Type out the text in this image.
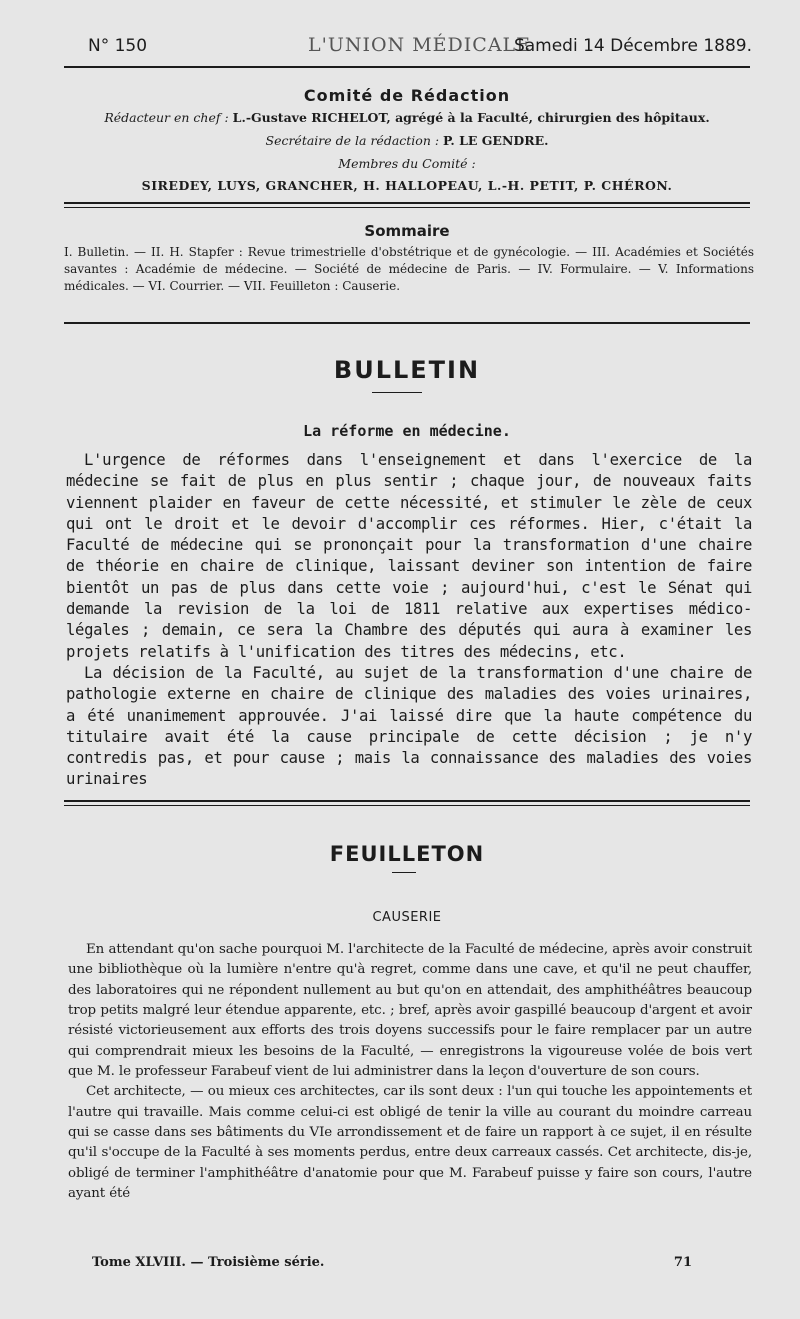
N° 150	L'UNION MÉDICALE
Samedi 14 Décembre 1889.
Comité de Rédaction
Rédacteur en chef : L.-Gustave RICHELOT, agrégé à la Faculté, chirurgien des hôpitaux.
Secrétaire de la rédaction : P. LE GENDRE.
Membres du Comité :
SIREDEY, LUYS, GRANCHER, H. HALLOPEAU, L.-H. PETIT, P. CHÉRON.
Sommaire
I. Bulletin. — II. H. Stapfer : Revue trimestrielle d'obstétrique et de gynécologie. — III. Académies et Sociétés savantes : Académie de médecine. — Société de médecine de Paris. — IV. Formulaire. — V. Informations médicales. — VI. Courrier. — VII. Feuilleton : Causerie.
BULLETIN
La réforme en médecine.

L'urgence de réformes dans l'enseignement et dans l'exercice de la médecine se fait de plus en plus sentir ; chaque jour, de nouveaux faits viennent plaider en faveur de cette nécessité, et stimuler le zèle de ceux qui ont le droit et le devoir d'accomplir ces réformes. Hier, c'était la Faculté de médecine qui se prononçait pour la transformation d'une chaire de théorie en chaire de clinique, laissant deviner son intention de faire bientôt un pas de plus dans cette voie ; aujourd'hui, c'est le Sénat qui demande la revision de la loi de 1811 relative aux expertises médico-légales ; demain, ce sera la Chambre des députés qui aura à examiner les projets relatifs à l'unification des titres des médecins, etc.

La décision de la Faculté, au sujet de la transformation d'une chaire de pathologie externe en chaire de clinique des maladies des voies urinaires, a été unanimement approuvée. J'ai laissé dire que la haute compétence du titulaire avait été la cause principale de cette décision ; je n'y contredis pas, et pour cause ; mais la connaissance des maladies des voies urinaires

FEUILLETON
CAUSERIE

En attendant qu'on sache pourquoi M. l'architecte de la Faculté de médecine, après avoir construit une bibliothèque où la lumière n'entre qu'à regret, comme dans une cave, et qu'il ne peut chauffer, des laboratoires qui ne répondent nullement au but qu'on en attendait, des amphithéâtres beaucoup trop petits malgré leur étendue apparente, etc. ; bref, après avoir gaspillé beaucoup d'argent et avoir résisté victorieusement aux efforts des trois doyens successifs pour le faire remplacer par un autre qui comprendrait mieux les besoins de la Faculté, — enregistrons la vigoureuse volée de bois vert que M. le professeur Farabeuf vient de lui administrer dans la leçon d'ouverture de son cours.

Cet architecte, — ou mieux ces architectes, car ils sont deux : l'un qui touche les appointements et l'autre qui travaille. Mais comme celui-ci est obligé de tenir la ville au courant du moindre carreau qui se casse dans ses bâtiments du VIe arrondissement et de faire un rapport à ce sujet, il en résulte qu'il s'occupe de la Faculté à ses moments perdus, entre deux carreaux cassés. Cet architecte, dis-je, obligé de terminer l'amphithéâtre d'anatomie pour que M. Farabeuf puisse y faire son cours, l'autre ayant été

Tome XLVIII. — Troisième série.	71
